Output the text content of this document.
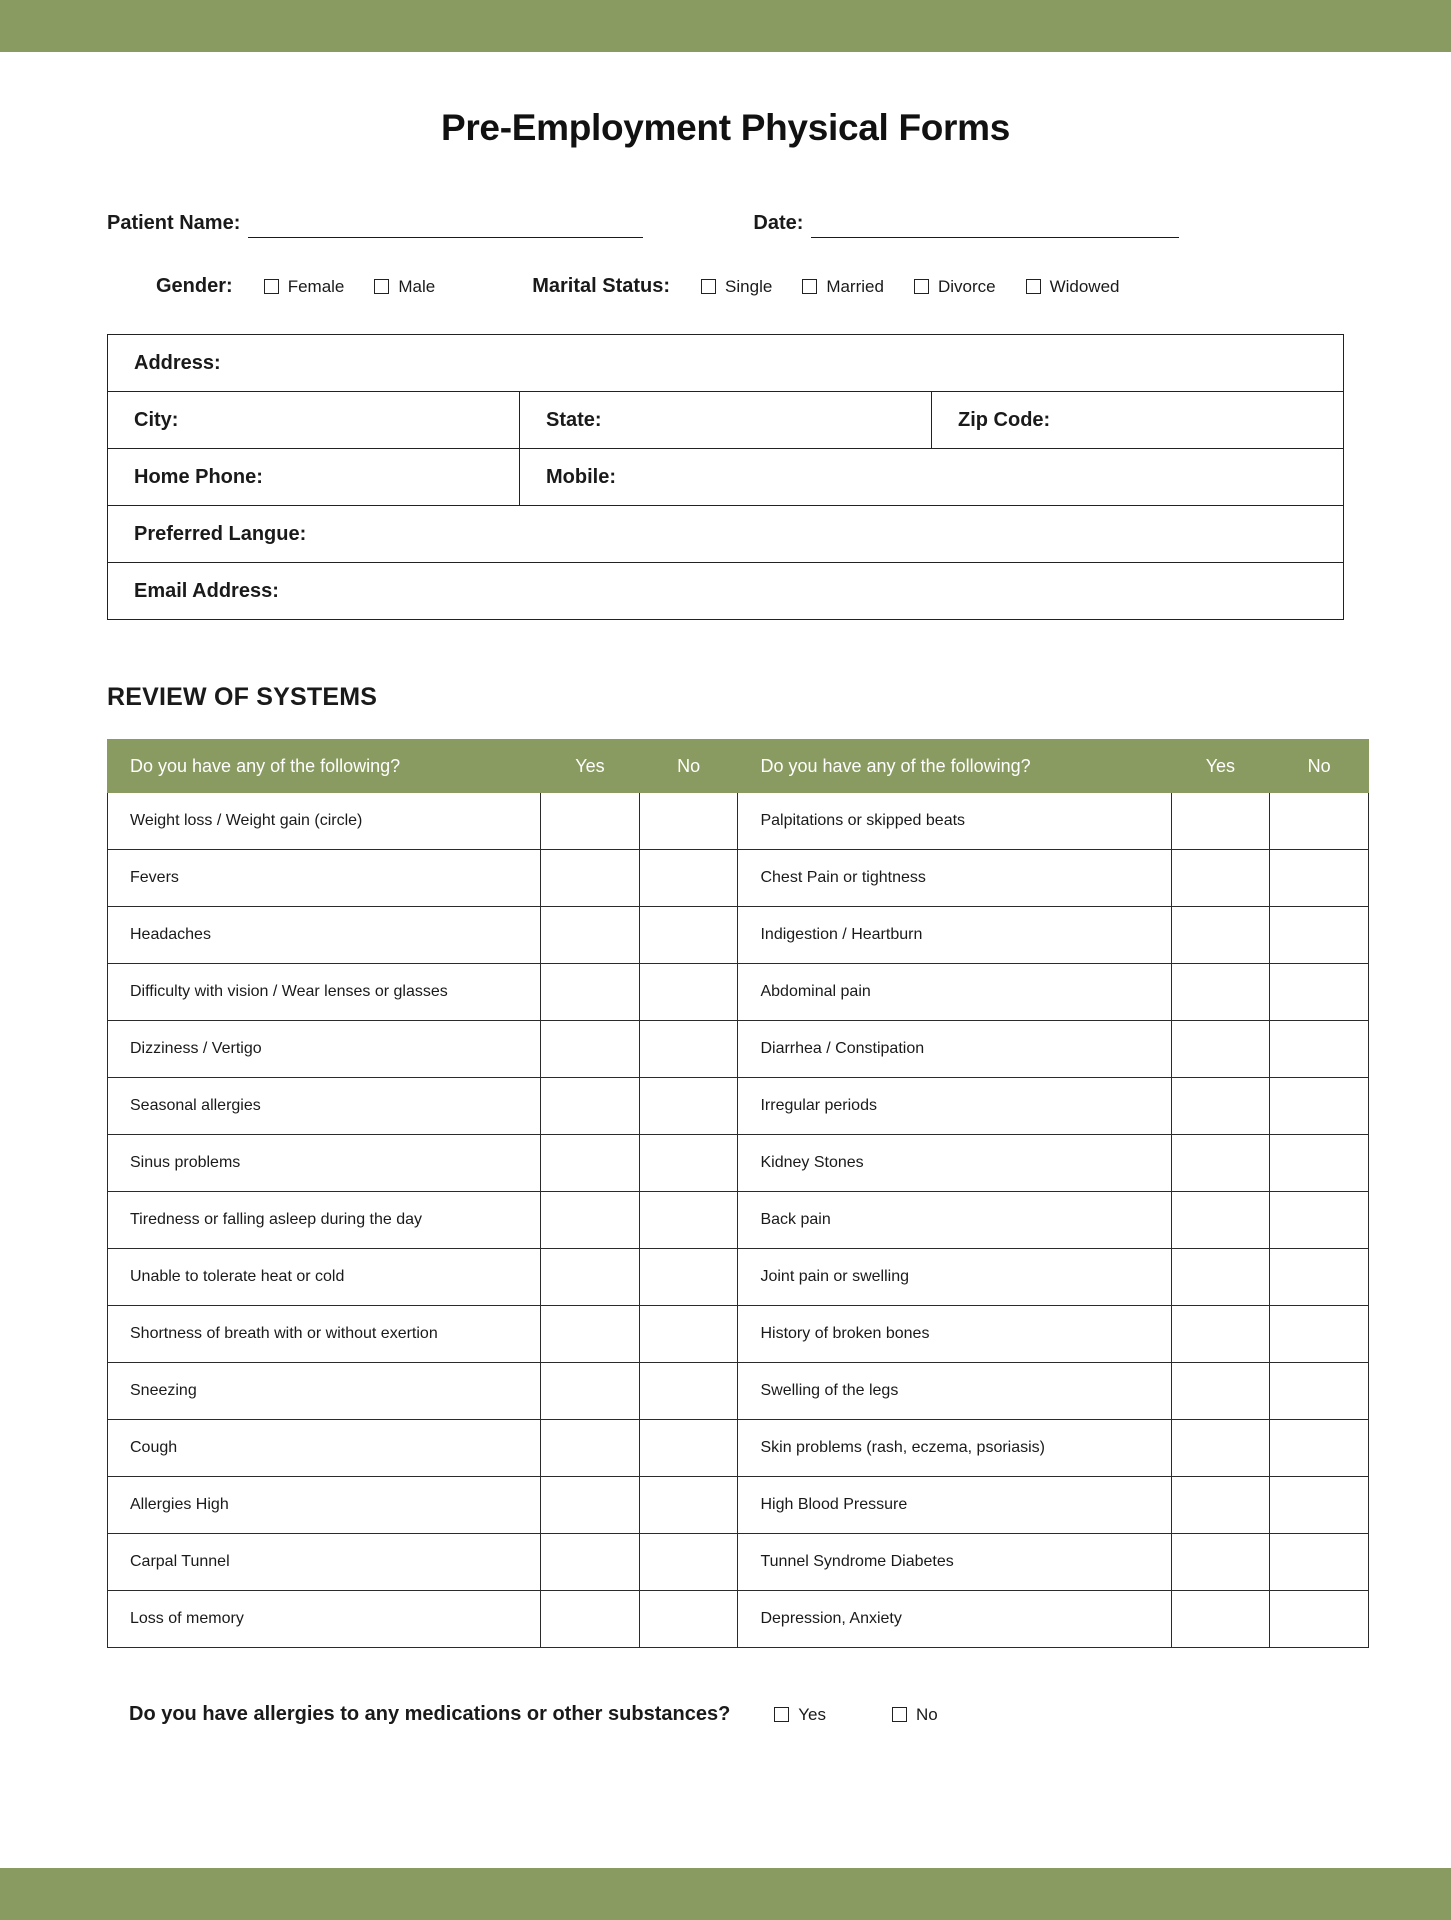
Pre-Employment Physical Forms
Patient Name:	Date:
Gender:	Female	Male	Marital Status:	Single	Married	Divorce	Widowed
Address:		
City:	State:	Zip Code:
Home Phone:	Mobile:	
Preferred Langue:		
Email Address:		
REVIEW OF SYSTEMS
Do you have any of the following?	Yes	No	Do you have any of the following?	Yes	No
Weight loss / Weight gain (circle)			Palpitations or skipped beats		
Fevers			Chest Pain or tightness		
Headaches			Indigestion / Heartburn		
Difficulty with vision / Wear lenses or glasses			Abdominal pain		
Dizziness / Vertigo			Diarrhea / Constipation		
Seasonal allergies			Irregular periods		
Sinus problems			Kidney Stones		
Tiredness or falling asleep during the day			Back pain		
Unable to tolerate heat or cold			Joint pain or swelling		
Shortness of breath with or without exertion			History of broken bones		
Sneezing			Swelling of the legs		
Cough			Skin problems (rash, eczema, psoriasis)		
Allergies High			High Blood Pressure		
Carpal Tunnel			Tunnel Syndrome Diabetes		
Loss of memory			Depression, Anxiety		
Do you have allergies to any medications or other substances?	Yes	No
